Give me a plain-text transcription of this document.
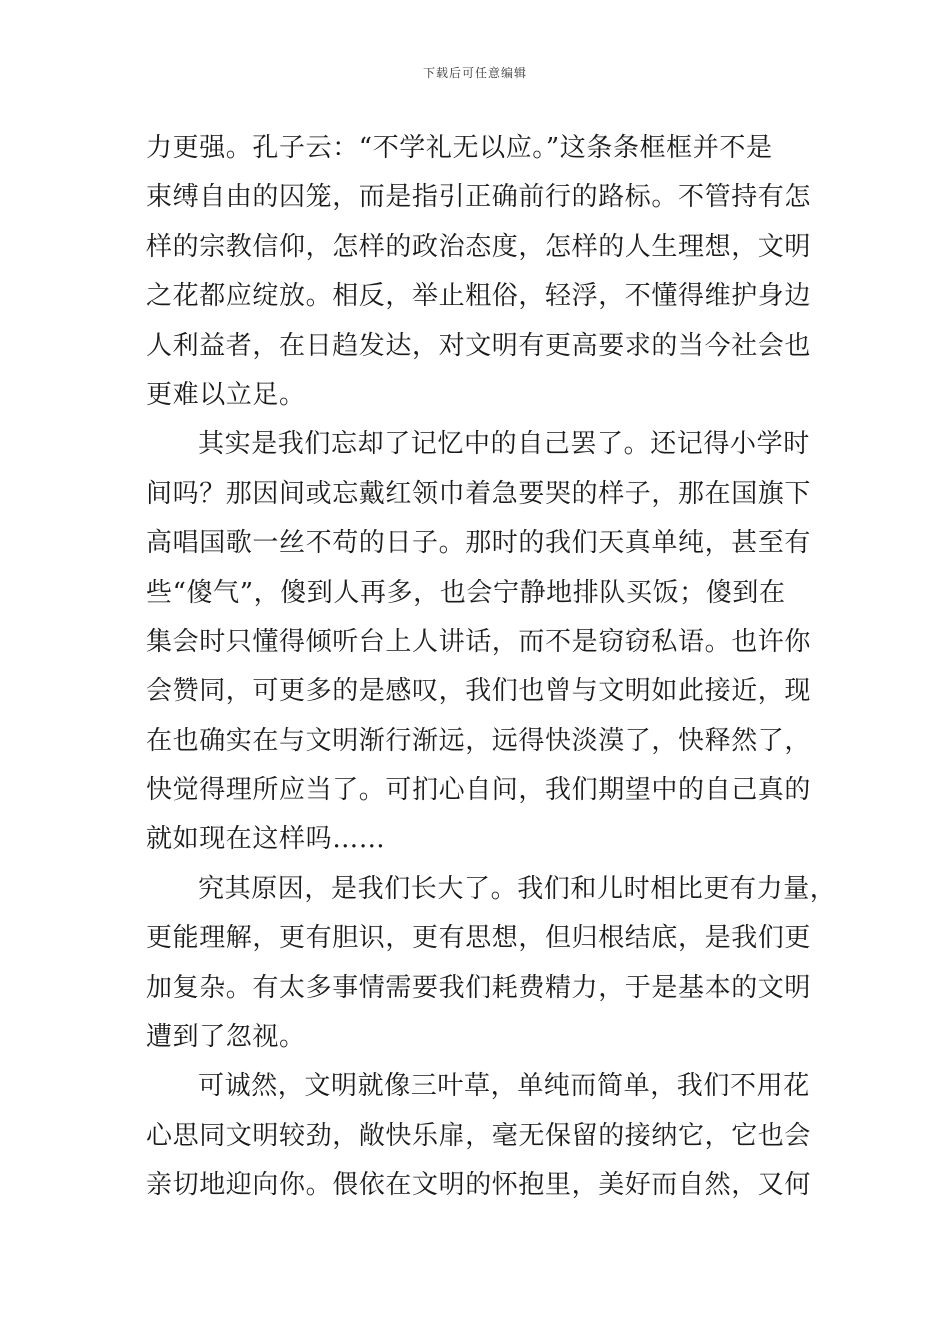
下载后可任意编辑
力更强。孔子云：“不学礼无以应。”这条条框框并不是
束缚自由的囚笼，而是指引正确前行的路标。不管持有怎
样的宗教信仰，怎样的政治态度，怎样的人生理想，文明
之花都应绽放。相反，举止粗俗，轻浮，不懂得维护身边
人利益者，在日趋发达，对文明有更高要求的当今社会也
更难以立足。
其实是我们忘却了记忆中的自己罢了。还记得小学时
间吗？那因间或忘戴红领巾着急要哭的样子，那在国旗下
高唱国歌一丝不苟的日子。那时的我们天真单纯，甚至有
些“傻气”，傻到人再多，也会宁静地排队买饭；傻到在
集会时只懂得倾听台上人讲话，而不是窃窃私语。也许你
会赞同，可更多的是感叹，我们也曾与文明如此接近，现
在也确实在与文明渐行渐远，远得快淡漠了，快释然了，
快觉得理所应当了。可扪心自问，我们期望中的自己真的
就如现在这样吗……
究其原因，是我们长大了。我们和儿时相比更有力量，
更能理解，更有胆识，更有思想，但归根结底，是我们更
加复杂。有太多事情需要我们耗费精力，于是基本的文明
遭到了忽视。
可诚然，文明就像三叶草，单纯而简单，我们不用花
心思同文明较劲，敞快乐扉，毫无保留的接纳它，它也会
亲切地迎向你。偎依在文明的怀抱里，美好而自然，又何
